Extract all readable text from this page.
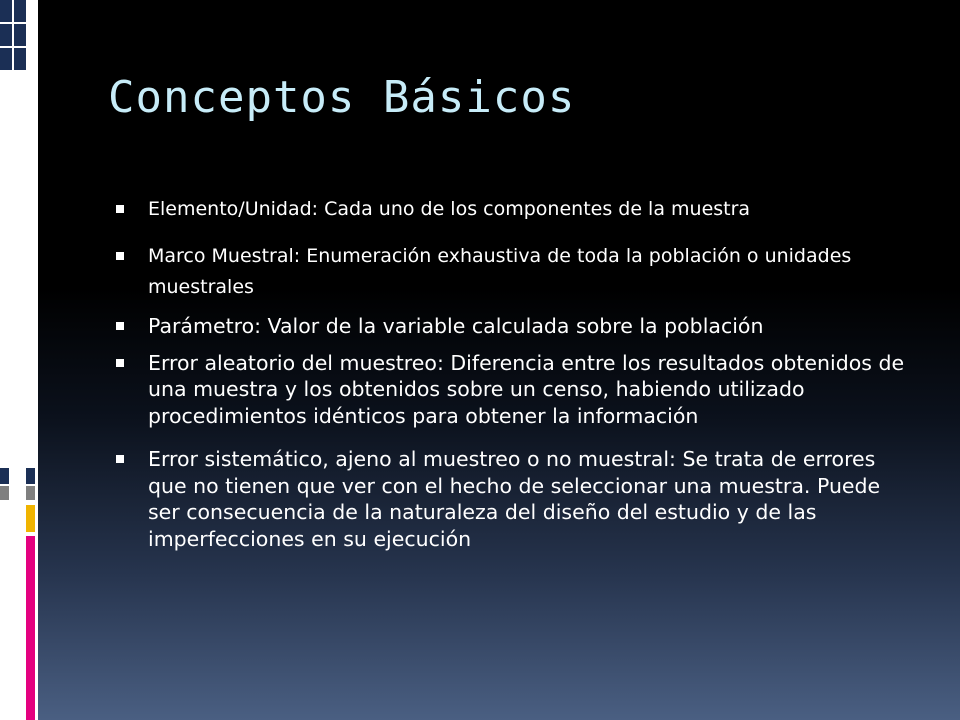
Conceptos Básicos
Elemento/Unidad: Cada uno de los componentes de la muestra
Marco Muestral: Enumeración exhaustiva de toda la población o unidades muestrales
Parámetro: Valor de la variable calculada sobre la población
Error aleatorio del muestreo: Diferencia entre los resultados obtenidos de una muestra y los obtenidos sobre un censo, habiendo utilizado procedimientos idénticos para obtener la información
Error sistemático, ajeno al muestreo o no muestral: Se trata de errores que no tienen que ver con el hecho de seleccionar una muestra. Puede ser consecuencia de la naturaleza del diseño del estudio y de las imperfecciones en su ejecución
